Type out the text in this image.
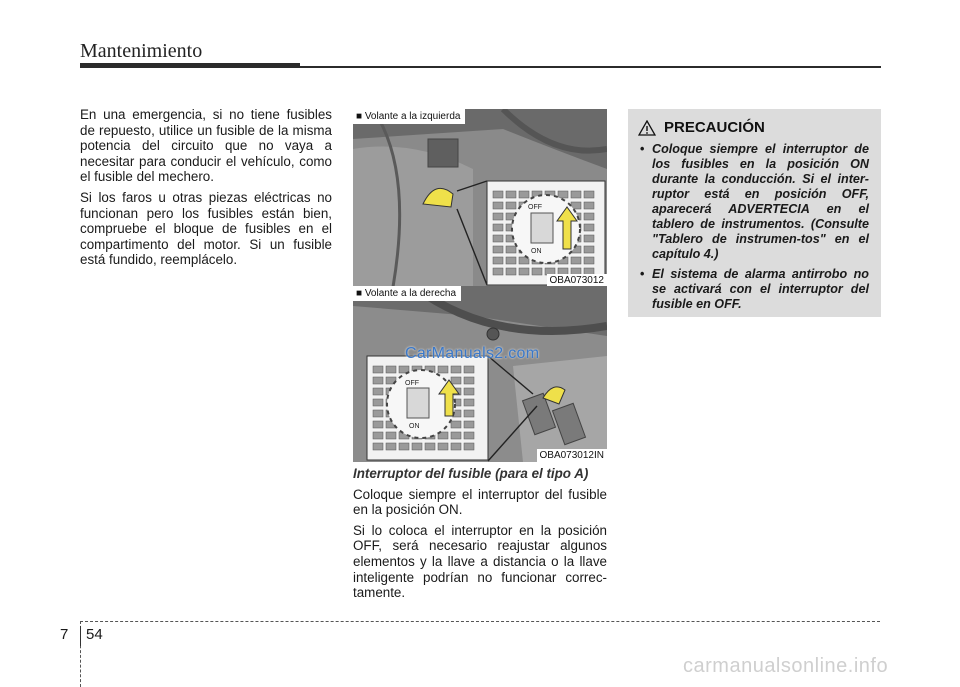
Mantenimiento

En una emergencia, si no tiene fusibles de repuesto, utilice un fusible de la misma potencia del circuito que no vaya a necesitar para conducir el vehículo, como el fusible del mechero.

Si los faros u otras piezas eléctricas no funcionan pero los fusibles están bien, compruebe el bloque de fusibles en el compartimento del motor. Si un fusible está fundido, reemplácelo.

OFF
ON
■ Volante a la izquierda
OBA073012
OFF
ON
■ Volante a la derecha
OBA073012IN
CarManuals2.com
Interruptor del fusible (para el tipo A)

Coloque siempre el interruptor del fusible en la posición ON.

Si lo coloca el interruptor en la posición OFF, será necesario reajustar algunos elementos y la llave a distancia o la llave inteligente podrían no funcionar correc-tamente.

PRECAUCIÓN
• Coloque siempre el interruptor de los fusibles en la posición ON durante la conducción. Si el inter-ruptor está en posición OFF, aparecerá ADVERTECIA en el tablero de instrumentos. (Consulte "Tablero de instrumen-tos" en el capítulo 4.)
• El sistema de alarma antirrobo no se activará con el interruptor del fusible en OFF.
7 54
carmanualsonline.info
